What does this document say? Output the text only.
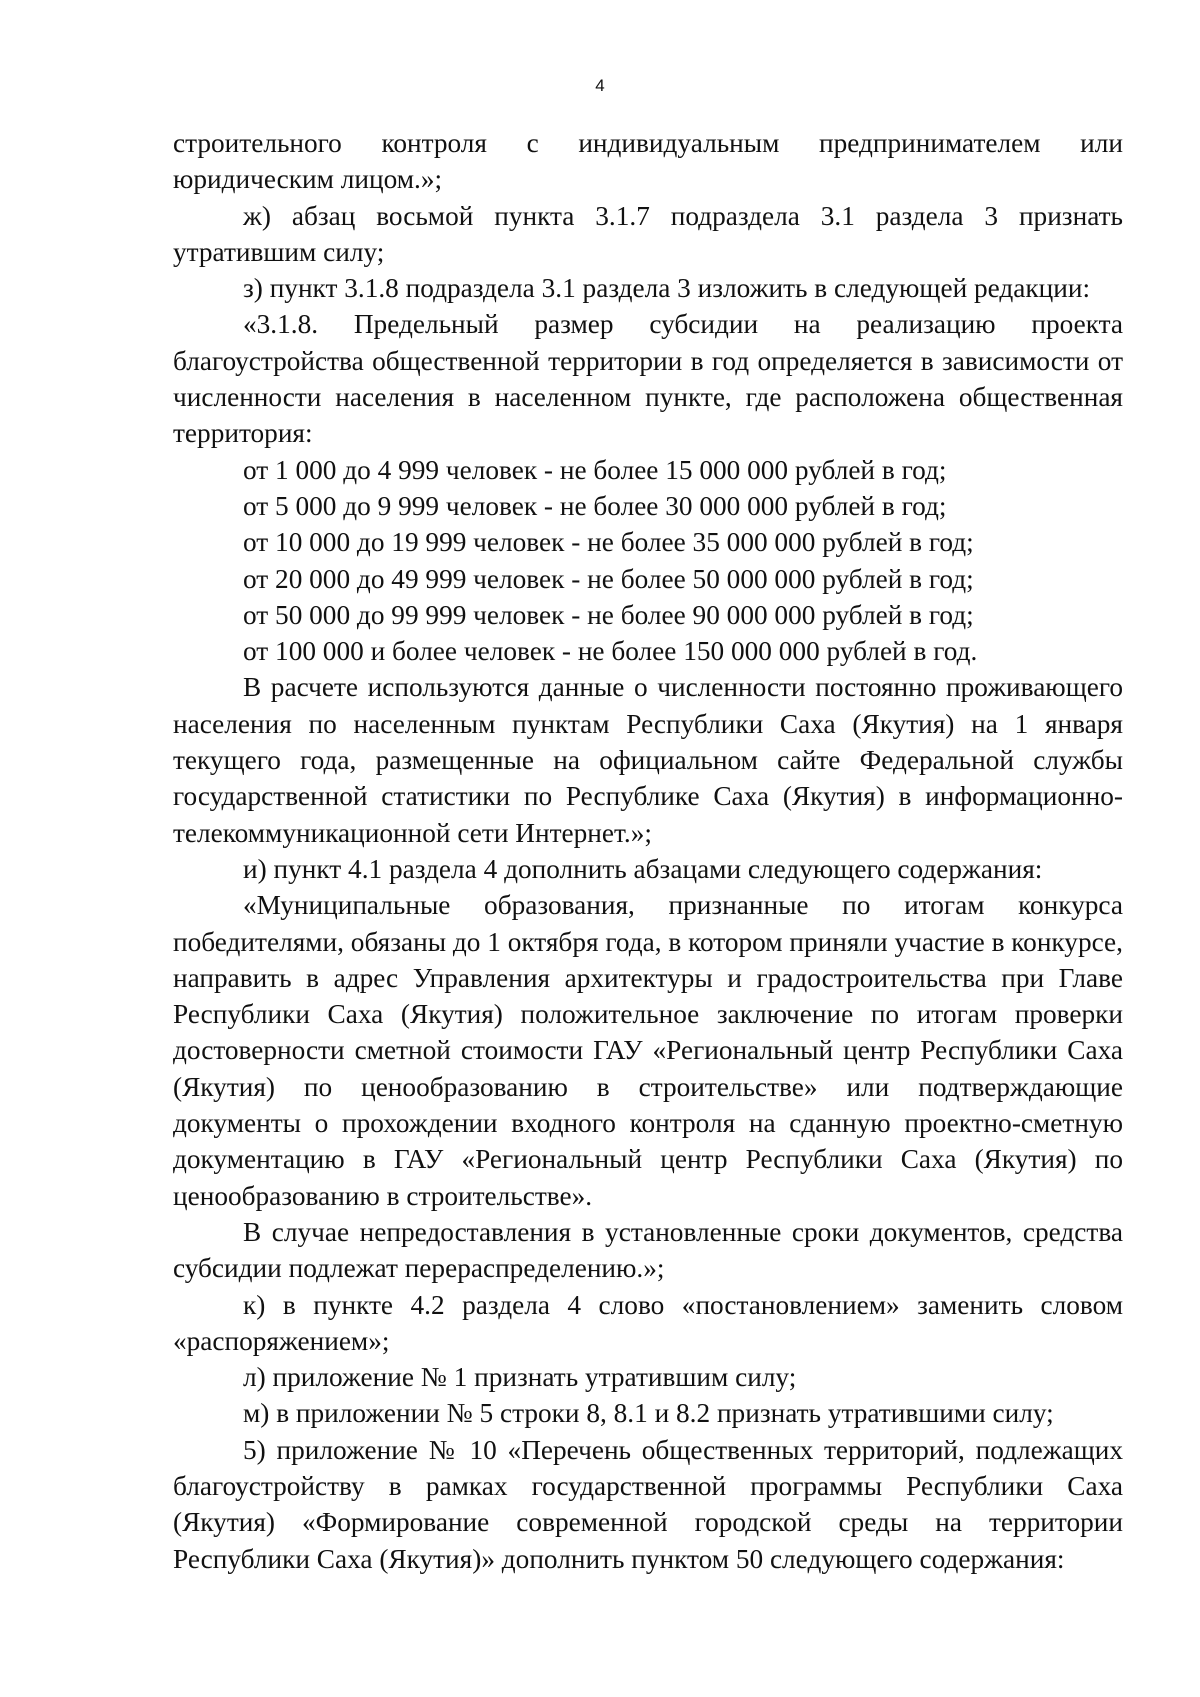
4

строительного контроля с индивидуальным предпринимателем или юридическим лицом.»;

ж) абзац восьмой пункта 3.1.7 подраздела 3.1 раздела 3 признать утратившим силу;

з) пункт 3.1.8 подраздела 3.1 раздела 3 изложить в следующей редакции:

«3.1.8. Предельный размер субсидии на реализацию проекта благоустройства общественной территории в год определяется в зависимости от численности населения в населенном пункте, где расположена общественная территория:

от 1 000 до 4 999 человек - не более 15 000 000 рублей в год;

от 5 000 до 9 999 человек - не более 30 000 000 рублей в год;

от 10 000 до 19 999 человек - не более 35 000 000 рублей в год;

от 20 000 до 49 999 человек - не более 50 000 000 рублей в год;

от 50 000 до 99 999 человек - не более 90 000 000 рублей в год;

от 100 000 и более человек - не более 150 000 000 рублей в год.

В расчете используются данные о численности постоянно проживающего населения по населенным пунктам Республики Саха (Якутия) на 1 января текущего года, размещенные на официальном сайте Федеральной службы государственной статистики по Республике Саха (Якутия) в информационно-телекоммуникационной сети Интернет.»;

и) пункт 4.1 раздела 4 дополнить абзацами следующего содержания:

«Муниципальные образования, признанные по итогам конкурса победителями, обязаны до 1 октября года, в котором приняли участие в конкурсе, направить в адрес Управления архитектуры и градостроительства при Главе Республики Саха (Якутия) положительное заключение по итогам проверки достоверности сметной стоимости ГАУ «Региональный центр Республики Саха (Якутия) по ценообразованию в строительстве» или подтверждающие документы о прохождении входного контроля на сданную проектно-сметную документацию в ГАУ «Региональный центр Республики Саха (Якутия) по ценообразованию в строительстве».

В случае непредоставления в установленные сроки документов, средства субсидии подлежат перераспределению.»;

к) в пункте 4.2 раздела 4 слово «постановлением» заменить словом «распоряжением»;

л) приложение № 1 признать утратившим силу;

м) в приложении № 5 строки 8, 8.1 и 8.2 признать утратившими силу;

5) приложение № 10 «Перечень общественных территорий, подлежащих благоустройству в рамках государственной программы Республики Саха (Якутия) «Формирование современной городской среды на территории Республики Саха (Якутия)» дополнить пунктом 50 следующего содержания:
